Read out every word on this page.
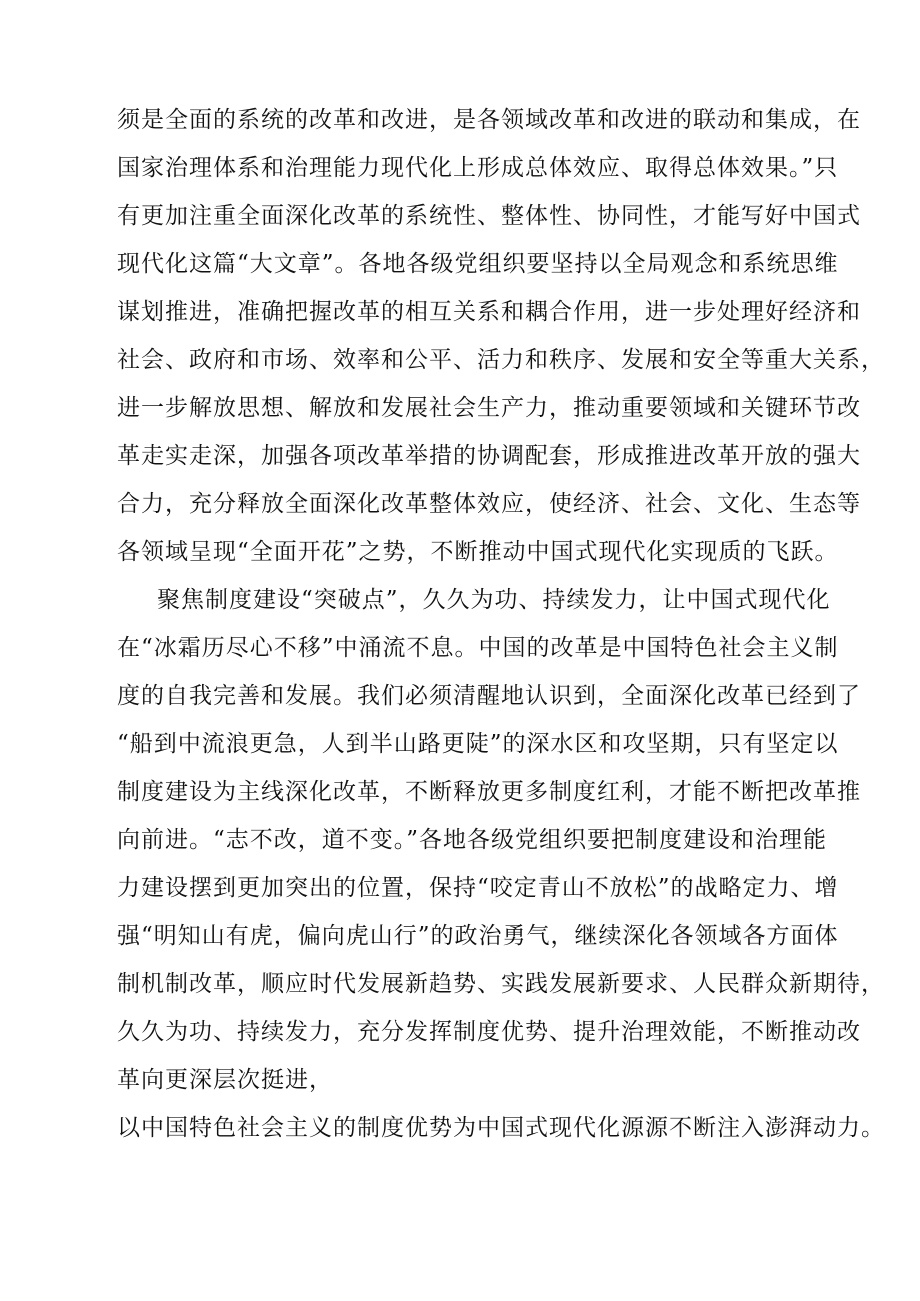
须是全面的系统的改革和改进，是各领域改革和改进的联动和集成，在
国家治理体系和治理能力现代化上形成总体效应、取得总体效果。”只
有更加注重全面深化改革的系统性、整体性、协同性，才能写好中国式
现代化这篇“大文章”。各地各级党组织要坚持以全局观念和系统思维
谋划推进，准确把握改革的相互关系和耦合作用，进一步处理好经济和
社会、政府和市场、效率和公平、活力和秩序、发展和安全等重大关系，
进一步解放思想、解放和发展社会生产力，推动重要领域和关键环节改
革走实走深，加强各项改革举措的协调配套，形成推进改革开放的强大
合力，充分释放全面深化改革整体效应，使经济、社会、文化、生态等
各领域呈现“全面开花”之势，不断推动中国式现代化实现质的飞跃。
聚焦制度建设“突破点”，久久为功、持续发力，让中国式现代化
在“冰霜历尽心不移”中涌流不息。中国的改革是中国特色社会主义制
度的自我完善和发展。我们必须清醒地认识到，全面深化改革已经到了
“船到中流浪更急，人到半山路更陡”的深水区和攻坚期，只有坚定以
制度建设为主线深化改革，不断释放更多制度红利，才能不断把改革推
向前进。“志不改，道不变。”各地各级党组织要把制度建设和治理能
力建设摆到更加突出的位置，保持“咬定青山不放松”的战略定力、增
强“明知山有虎，偏向虎山行”的政治勇气，继续深化各领域各方面体
制机制改革，顺应时代发展新趋势、实践发展新要求、人民群众新期待，
久久为功、持续发力，充分发挥制度优势、提升治理效能，不断推动改
革向更深层次挺进，
以中国特色社会主义的制度优势为中国式现代化源源不断注入澎湃动力。
